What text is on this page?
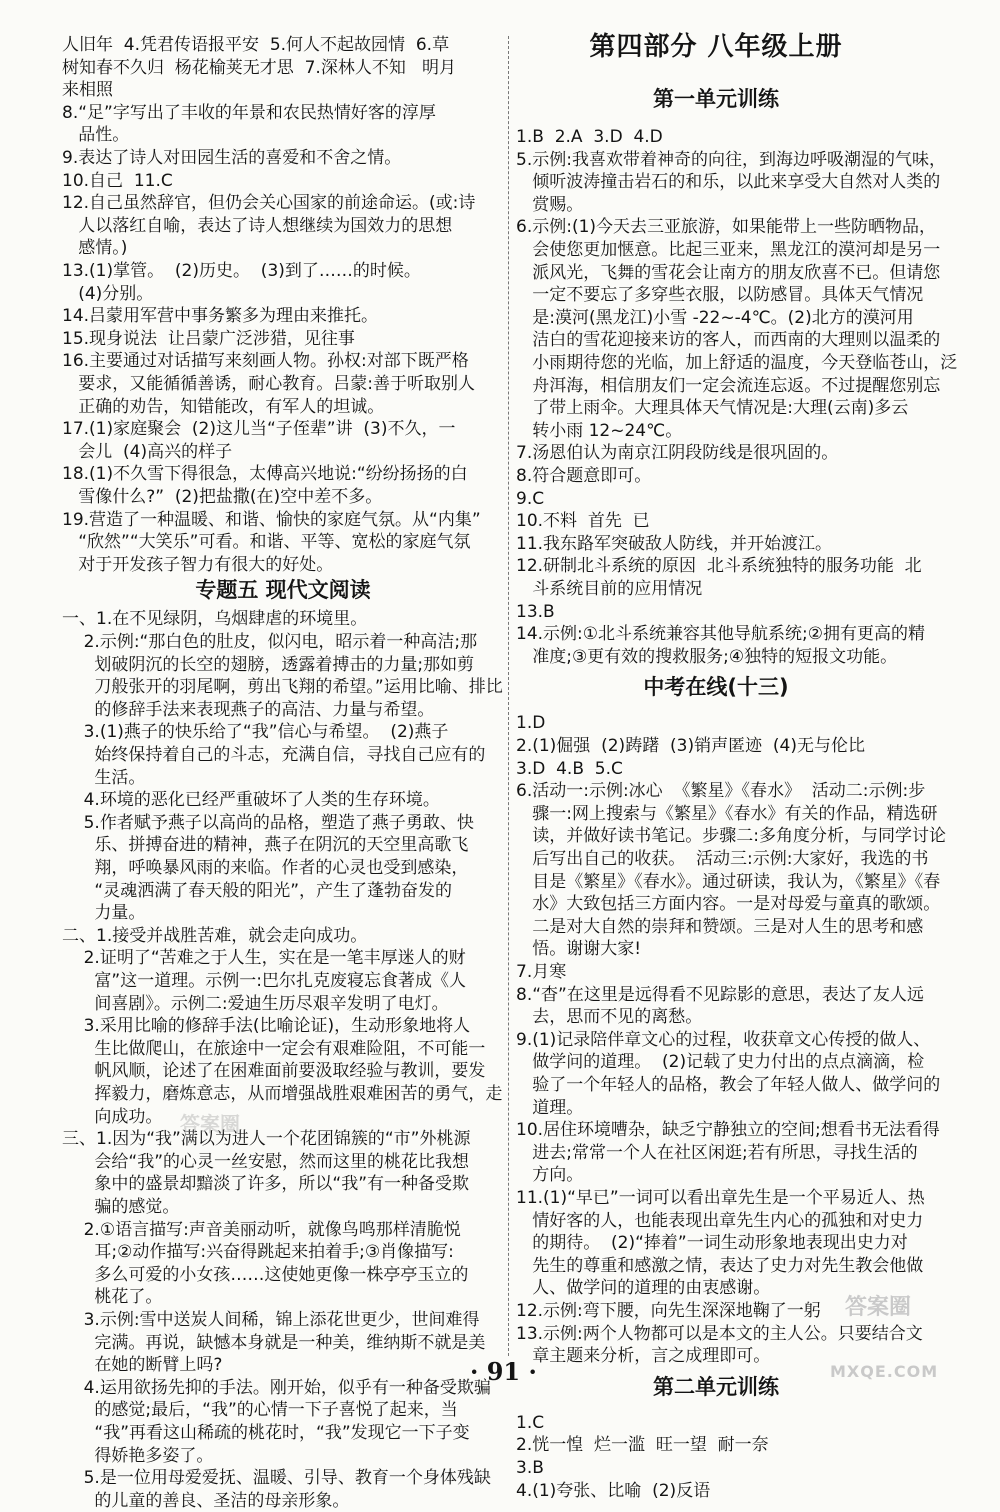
人旧年  4.凭君传语报平安  5.何人不起故园情  6.草
树知春不久归  杨花榆荚无才思  7.深林人不知   明月
来相照
8.“足”字写出了丰收的年景和农民热情好客的淳厚
品性。
9.表达了诗人对田园生活的喜爱和不舍之情。
10.自己  11.C
12.自己虽然辞官，但仍会关心国家的前途命运。(或:诗
人以落红自喻，表达了诗人想继续为国效力的思想
感情。)
13.(1)掌管。  (2)历史。  (3)到了……的时候。
(4)分别。
14.吕蒙用军营中事务繁多为理由来推托。
15.现身说法  让吕蒙广泛涉猎，见往事
16.主要通过对话描写来刻画人物。孙权:对部下既严格
要求，又能循循善诱，耐心教育。吕蒙:善于听取别人
正确的劝告，知错能改，有军人的坦诚。
17.(1)家庭聚会  (2)这儿当“子侄辈”讲  (3)不久，一
会儿  (4)高兴的样子
18.(1)不久雪下得很急，太傅高兴地说:“纷纷扬扬的白
雪像什么?”  (2)把盐撒(在)空中差不多。
19.营造了一种温暖、和谐、愉快的家庭气氛。从“内集”
“欣然”“大笑乐”可看。和谐、平等、宽松的家庭气氛
对于开发孩子智力有很大的好处。
专题五 现代文阅读
一、1.在不见绿阴，乌烟肆虐的环境里。
2.示例:“那白色的肚皮，似闪电，昭示着一种高洁;那
划破阴沉的长空的翅膀，透露着搏击的力量;那如剪
刀般张开的羽尾啊，剪出飞翔的希望。”运用比喻、排比
的修辞手法来表现燕子的高洁、力量与希望。
3.(1)燕子的快乐给了“我”信心与希望。  (2)燕子
始终保持着自己的斗志，充满自信，寻找自己应有的
生活。
4.环境的恶化已经严重破坏了人类的生存环境。
5.作者赋予燕子以高尚的品格，塑造了燕子勇敢、快
乐、拼搏奋进的精神，燕子在阴沉的天空里高歌飞
翔，呼唤暴风雨的来临。作者的心灵也受到感染，
“灵魂洒满了春天般的阳光”，产生了蓬勃奋发的
力量。
二、1.接受并战胜苦难，就会走向成功。
2.证明了“苦难之于人生，实在是一笔丰厚迷人的财
富”这一道理。示例一:巴尔扎克废寝忘食著成《人
间喜剧》。示例二:爱迪生历尽艰辛发明了电灯。
3.采用比喻的修辞手法(比喻论证)，生动形象地将人
生比做爬山，在旅途中一定会有艰难险阻，不可能一
帆风顺，论述了在困难面前要汲取经验与教训，要发
挥毅力，磨炼意志，从而增强战胜艰难困苦的勇气，走
向成功。
三、1.因为“我”满以为进人一个花团锦簇的“市”外桃源
会给“我”的心灵一丝安慰，然而这里的桃花比我想
象中的盛景却黯淡了许多，所以“我”有一种备受欺
骗的感觉。
2.①语言描写:声音美丽动听，就像鸟鸣那样清脆悦
耳;②动作描写:兴奋得跳起来拍着手;③肖像描写:
多么可爱的小女孩……这使她更像一株亭亭玉立的
桃花了。
3.示例:雪中送炭人间稀，锦上添花世更少，世间难得
完满。再说，缺憾本身就是一种美，维纳斯不就是美
在她的断臂上吗?
4.运用欲扬先抑的手法。刚开始，似乎有一种备受欺骗
的感觉;最后，“我”的心情一下子喜悦了起来，当
“我”再看这山稀疏的桃花时，“我”发现它一下子变
得娇艳多姿了。
5.是一位用母爱爱抚、温暖、引导、教育一个身体残缺
的儿童的善良、圣洁的母亲形象。
第四部分 八年级上册
第一单元训练
1.B  2.A  3.D  4.D
5.示例:我喜欢带着神奇的向往，到海边呼吸潮湿的气味，
倾听波涛撞击岩石的和乐，以此来享受大自然对人类的
赏赐。
6.示例:(1)今天去三亚旅游，如果能带上一些防晒物品，
会使您更加惬意。比起三亚来，黑龙江的漠河却是另一
派风光，飞舞的雪花会让南方的朋友欣喜不已。但请您
一定不要忘了多穿些衣服，以防感冒。具体天气情况
是:漠河(黑龙江)小雪 -22~-4℃。(2)北方的漠河用
洁白的雪花迎接来访的客人，而西南的大理则以温柔的
小雨期待您的光临，加上舒适的温度，今天登临苍山，泛
舟洱海，相信朋友们一定会流连忘返。不过提醒您别忘
了带上雨伞。大理具体天气情况是:大理(云南)多云
转小雨 12~24℃。
7.汤恩伯认为南京江阴段防线是很巩固的。
8.符合题意即可。
9.C
10.不料  首先  已
11.我东路军突破敌人防线，并开始渡江。
12.研制北斗系统的原因  北斗系统独特的服务功能  北
斗系统目前的应用情况
13.B
14.示例:①北斗系统兼容其他导航系统;②拥有更高的精
准度;③更有效的搜救服务;④独特的短报文功能。
中考在线(十三)
1.D
2.(1)倔强  (2)踌躇  (3)销声匿迹  (4)无与伦比
3.D  4.B  5.C
6.活动一:示例:冰心  《繁星》《春水》  活动二:示例:步
骤一:网上搜索与《繁星》《春水》有关的作品，精选研
读，并做好读书笔记。步骤二:多角度分析，与同学讨论
后写出自己的收获。  活动三:示例:大家好，我选的书
目是《繁星》《春水》。通过研读，我认为，《繁星》《春
水》大致包括三方面内容。一是对母爱与童真的歌颂。
二是对大自然的崇拜和赞颂。三是对人生的思考和感
悟。谢谢大家!
7.月寒
8.“杳”在这里是远得看不见踪影的意思，表达了友人远
去，思而不见的离愁。
9.(1)记录陪伴章文心的过程，收获章文心传授的做人、
做学问的道理。  (2)记载了史力付出的点点滴滴，检
验了一个年轻人的品格，教会了年轻人做人、做学问的
道理。
10.居住环境嘈杂，缺乏宁静独立的空间;想看书无法看得
进去;常常一个人在社区闲逛;若有所思，寻找生活的
方向。
11.(1)“早已”一词可以看出章先生是一个平易近人、热
情好客的人，也能表现出章先生内心的孤独和对史力
的期待。  (2)“捧着”一词生动形象地表现出史力对
先生的尊重和感激之情，表达了史力对先生教会他做
人、做学问的道理的由衷感谢。
12.示例:弯下腰，向先生深深地鞠了一躬
13.示例:两个人物都可以是本文的主人公。只要结合文
章主题来分析，言之成理即可。
第二单元训练
1.C
2.恍一惶  烂一滥  旺一望  耐一奈
3.B
4.(1)夸张、比喻  (2)反语
答案圈
· 91 ·
答案圈
MXQE.COM
